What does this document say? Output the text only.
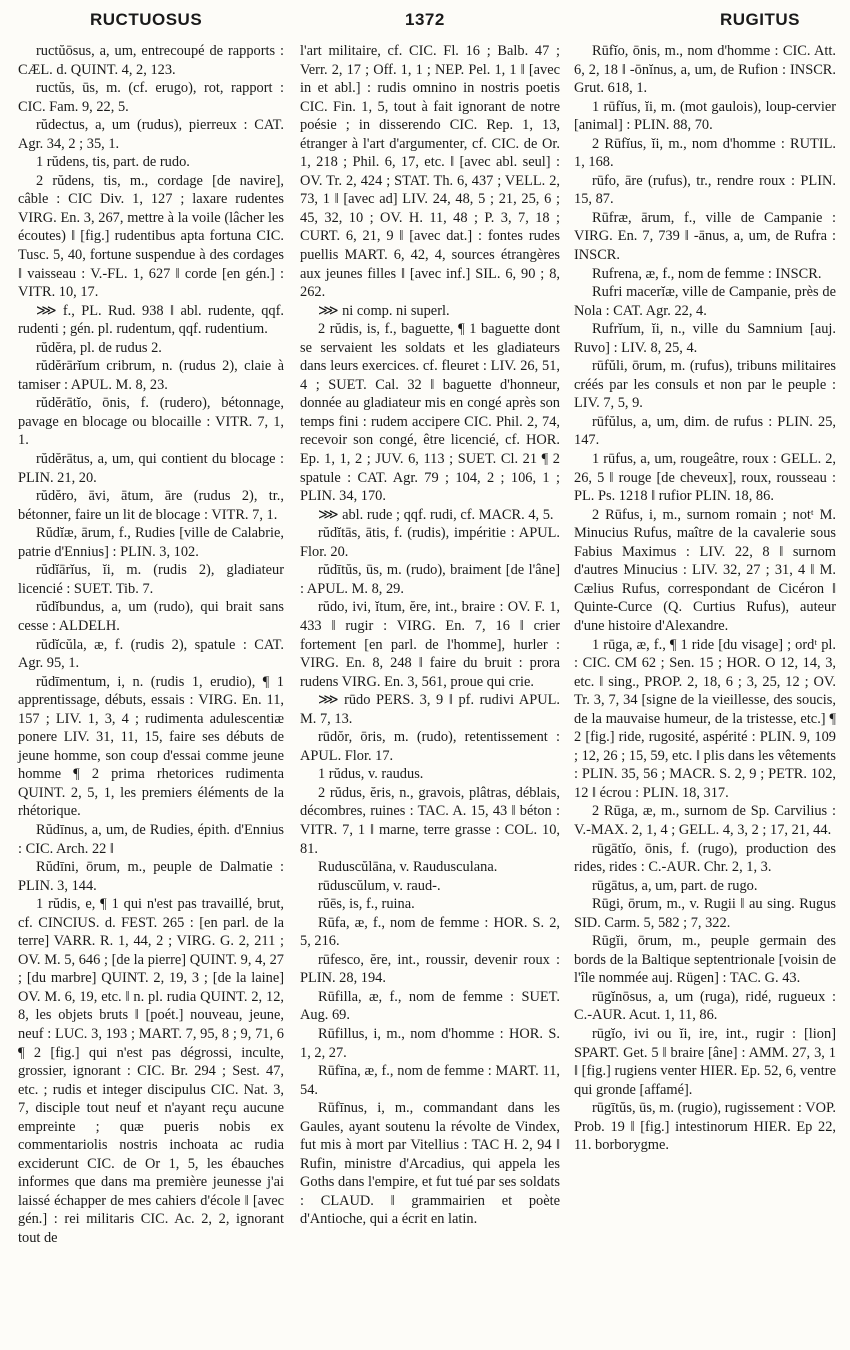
RUCTUOSUS	1372	RUGITUS

ructŭōsus, a, um, entrecoupé de rapports : CÆL. d. QUINT. 4, 2, 123.

ructŭs, ūs, m. (cf. erugo), rot, rapport : CIC. Fam. 9, 22, 5.

rŭdectus, a, um (rudus), pierreux : CAT. Agr. 34, 2 ; 35, 1.

1 rŭdens, tis, part. de rudo.

2 rŭdens, tis, m., cordage [de navire], câble : CIC Div. 1, 127 ; laxare rudentes VIRG. En. 3, 267, mettre à la voile (lâcher les écoutes) ‖ [fig.] rudentibus apta fortuna CIC. Tusc. 5, 40, fortune suspendue à des cordages ‖ vaisseau : V.-FL. 1, 627 ‖ corde [en gén.] : VITR. 10, 17.

⋙ f., PL. Rud. 938 ‖ abl. rudente, qqf. rudenti ; gén. pl. rudentum, qqf. rudentium.

rŭdĕra, pl. de rudus 2.

rŭdĕrārĭum cribrum, n. (rudus 2), claie à tamiser : APUL. M. 8, 23.

rŭdĕrātĭo, ōnis, f. (rudero), bétonnage, pavage en blocage ou blocaille : VITR. 7, 1, 1.

rŭdĕrātus, a, um, qui contient du blocage : PLIN. 21, 20.

rŭdĕro, āvi, ātum, āre (rudus 2), tr., bétonner, faire un lit de blocage : VITR. 7, 1.

Rŭdĭæ, ārum, f., Rudies [ville de Calabrie, patrie d'Ennius] : PLIN. 3, 102.

rŭdĭārĭus, ĭi, m. (rudis 2), gladiateur licencié : SUET. Tib. 7.

rŭdĭbundus, a, um (rudo), qui brait sans cesse : ALDELH.

rŭdĭcŭla, æ, f. (rudis 2), spatule : CAT. Agr. 95, 1.

rŭdīmentum, i, n. (rudis 1, erudio), ¶ 1 apprentissage, débuts, essais : VIRG. En. 11, 157 ; LIV. 1, 3, 4 ; rudimenta adulescentiæ ponere LIV. 31, 11, 15, faire ses débuts de jeune homme, son coup d'essai comme jeune homme ¶ 2 prima rhetorices rudimenta QUINT. 2, 5, 1, les premiers éléments de la rhétorique.

Rŭdīnus, a, um, de Rudies, épith. d'Ennius : CIC. Arch. 22 ‖

Rŭdīni, ōrum, m., peuple de Dalmatie : PLIN. 3, 144.

1 rŭdis, e, ¶ 1 qui n'est pas travaillé, brut, cf. CINCIUS. d. FEST. 265 : [en parl. de la terre] VARR. R. 1, 44, 2 ; VIRG. G. 2, 211 ; OV. M. 5, 646 ; [de la pierre] QUINT. 9, 4, 27 ; [du marbre] QUINT. 2, 19, 3 ; [de la laine] OV. M. 6, 19, etc. ‖ n. pl. rudia QUINT. 2, 12, 8, les objets bruts ‖ [poét.] nouveau, jeune, neuf : LUC. 3, 193 ; MART. 7, 95, 8 ; 9, 71, 6 ¶ 2 [fig.] qui n'est pas dégrossi, inculte, grossier, ignorant : CIC. Br. 294 ; Sest. 47, etc. ; rudis et integer discipulus CIC. Nat. 3, 7, disciple tout neuf et n'ayant reçu aucune empreinte ; quæ pueris nobis ex commentariolis nostris inchoata ac rudia exciderunt CIC. de Or 1, 5, les ébauches informes que dans ma première jeunesse j'ai laissé échapper de mes cahiers d'école ‖ [avec gén.] : rei militaris CIC. Ac. 2, 2, ignorant tout de

l'art militaire, cf. CIC. Fl. 16 ; Balb. 47 ; Verr. 2, 17 ; Off. 1, 1 ; NEP. Pel. 1, 1 ‖ [avec in et abl.] : rudis omnino in nostris poetis CIC. Fin. 1, 5, tout à fait ignorant de notre poésie ; in disserendo CIC. Rep. 1, 13, étranger à l'art d'argumenter, cf. CIC. de Or. 1, 218 ; Phil. 6, 17, etc. ‖ [avec abl. seul] : OV. Tr. 2, 424 ; STAT. Th. 6, 437 ; VELL. 2, 73, 1 ‖ [avec ad] LIV. 24, 48, 5 ; 21, 25, 6 ; 45, 32, 10 ; OV. H. 11, 48 ; P. 3, 7, 18 ; CURT. 6, 21, 9 ‖ [avec dat.] : fontes rudes puellis MART. 6, 42, 4, sources étrangères aux jeunes filles ‖ [avec inf.] SIL. 6, 90 ; 8, 262.

⋙ ni comp. ni superl.

2 rŭdis, is, f., baguette, ¶ 1 baguette dont se servaient les soldats et les gladiateurs dans leurs exercices. cf. fleuret : LIV. 26, 51, 4 ; SUET. Cal. 32 ‖ baguette d'honneur, donnée au gladiateur mis en congé après son temps fini : rudem accipere CIC. Phil. 2, 74, recevoir son congé, être licencié, cf. HOR. Ep. 1, 1, 2 ; JUV. 6, 113 ; SUET. Cl. 21 ¶ 2 spatule : CAT. Agr. 79 ; 104, 2 ; 106, 1 ; PLIN. 34, 170.

⋙ abl. rude ; qqf. rudi, cf. MACR. 4, 5.

rŭdĭtās, ātis, f. (rudis), impéritie : APUL. Flor. 20.

rŭdītŭs, ūs, m. (rudo), braiment [de l'âne] : APUL. M. 8, 29.

rŭdo, ivi, ĭtum, ĕre, int., braire : OV. F. 1, 433 ‖ rugir : VIRG. En. 7, 16 ‖ crier fortement [en parl. de l'homme], hurler : VIRG. En. 8, 248 ‖ faire du bruit : prora rudens VIRG. En. 3, 561, proue qui crie.

⋙ rūdo PERS. 3, 9 ‖ pf. rudivi APUL. M. 7, 13.

rūdŏr, ōris, m. (rudo), retentissement : APUL. Flor. 17.

1 rŭdus, v. raudus.

2 rŭdus, ĕris, n., gravois, plâtras, déblais, décombres, ruines : TAC. A. 15, 43 ‖ béton : VITR. 7, 1 ‖ marne, terre grasse : COL. 10, 81.

Ruduscŭlāna, v. Raudusculana.

rūduscŭlum, v. raud-.

rŭēs, is, f., ruina.

Rūfa, æ, f., nom de femme : HOR. S. 2, 5, 216.

rūfesco, ĕre, int., roussir, devenir roux : PLIN. 28, 194.

Rūfilla, æ, f., nom de femme : SUET. Aug. 69.

Rūfillus, i, m., nom d'homme : HOR. S. 1, 2, 27.

Rūfīna, æ, f., nom de femme : MART. 11, 54.

Rūfīnus, i, m., commandant dans les Gaules, ayant soutenu la révolte de Vindex, fut mis à mort par Vitellius : TAC H. 2, 94 ‖ Rufin, ministre d'Arcadius, qui appela les Goths dans l'empire, et fut tué par ses soldats : CLAUD. ‖ grammairien et poète d'Antioche, qui a écrit en latin.

Rūfĭo, ōnis, m., nom d'homme : CIC. Att. 6, 2, 18 ‖ -ōnĭnus, a, um, de Rufion : INSCR. Grut. 618, 1.

1 rūfĭus, ĭi, m. (mot gaulois), loup-cervier [animal] : PLIN. 88, 70.

2 Rūfĭus, ĭi, m., nom d'homme : RUTIL. 1, 168.

rūfo, āre (rufus), tr., rendre roux : PLIN. 15, 87.

Rūfræ, ārum, f., ville de Campanie : VIRG. En. 7, 739 ‖ -ānus, a, um, de Rufra : INSCR.

Rufrena, æ, f., nom de femme : INSCR.

Rufri macerĭæ, ville de Campanie, près de Nola : CAT. Agr. 22, 4.

Rufrĭum, ĭi, n., ville du Samnium [auj. Ruvo] : LIV. 8, 25, 4.

rūfŭli, ōrum, m. (rufus), tribuns militaires créés par les consuls et non par le peuple : LIV. 7, 5, 9.

rūfŭlus, a, um, dim. de rufus : PLIN. 25, 147.

1 rūfus, a, um, rougeâtre, roux : GELL. 2, 26, 5 ‖ rouge [de cheveux], roux, rousseau : PL. Ps. 1218 ‖ rufior PLIN. 18, 86.

2 Rūfus, i, m., surnom romain ; notᵗ M. Minucius Rufus, maître de la cavalerie sous Fabius Maximus : LIV. 22, 8 ‖ surnom d'autres Minucius : LIV. 32, 27 ; 31, 4 ‖ M. Cælius Rufus, correspondant de Cicéron ‖ Quinte-Curce (Q. Curtius Rufus), auteur d'une histoire d'Alexandre.

1 rūga, æ, f., ¶ 1 ride [du visage] ; ordᵗ pl. : CIC. CM 62 ; Sen. 15 ; HOR. O 12, 14, 3, etc. ‖ sing., PROP. 2, 18, 6 ; 3, 25, 12 ; OV. Tr. 3, 7, 34 [signe de la vieillesse, des soucis, de la mauvaise humeur, de la tristesse, etc.] ¶ 2 [fig.] ride, rugosité, aspérité : PLIN. 9, 109 ; 12, 26 ; 15, 59, etc. ‖ plis dans les vêtements : PLIN. 35, 56 ; MACR. S. 2, 9 ; PETR. 102, 12 ‖ écrou : PLIN. 18, 317.

2 Rūga, æ, m., surnom de Sp. Carvilius : V.-MAX. 2, 1, 4 ; GELL. 4, 3, 2 ; 17, 21, 44.

rūgātĭo, ōnis, f. (rugo), production des rides, rides : C.-AUR. Chr. 2, 1, 3.

rūgātus, a, um, part. de rugo.

Rūgi, ōrum, m., v. Rugii ‖ au sing. Rugus SID. Carm. 5, 582 ; 7, 322.

Rūgĭi, ōrum, m., peuple germain des bords de la Baltique septentrionale [voisin de l'île nommée auj. Rügen] : TAC. G. 43.

rūgĭnōsus, a, um (ruga), ridé, rugueux : C.-AUR. Acut. 1, 11, 86.

rūgĭo, ivi ou ĭi, ire, int., rugir : [lion] SPART. Get. 5 ‖ braire [âne] : AMM. 27, 3, 1 ‖ [fig.] rugiens venter HIER. Ep. 52, 6, ventre qui gronde [affamé].

rūgītŭs, ūs, m. (rugio), rugissement : VOP. Prob. 19 ‖ [fig.] intestinorum HIER. Ep 22, 11. borborygme.
